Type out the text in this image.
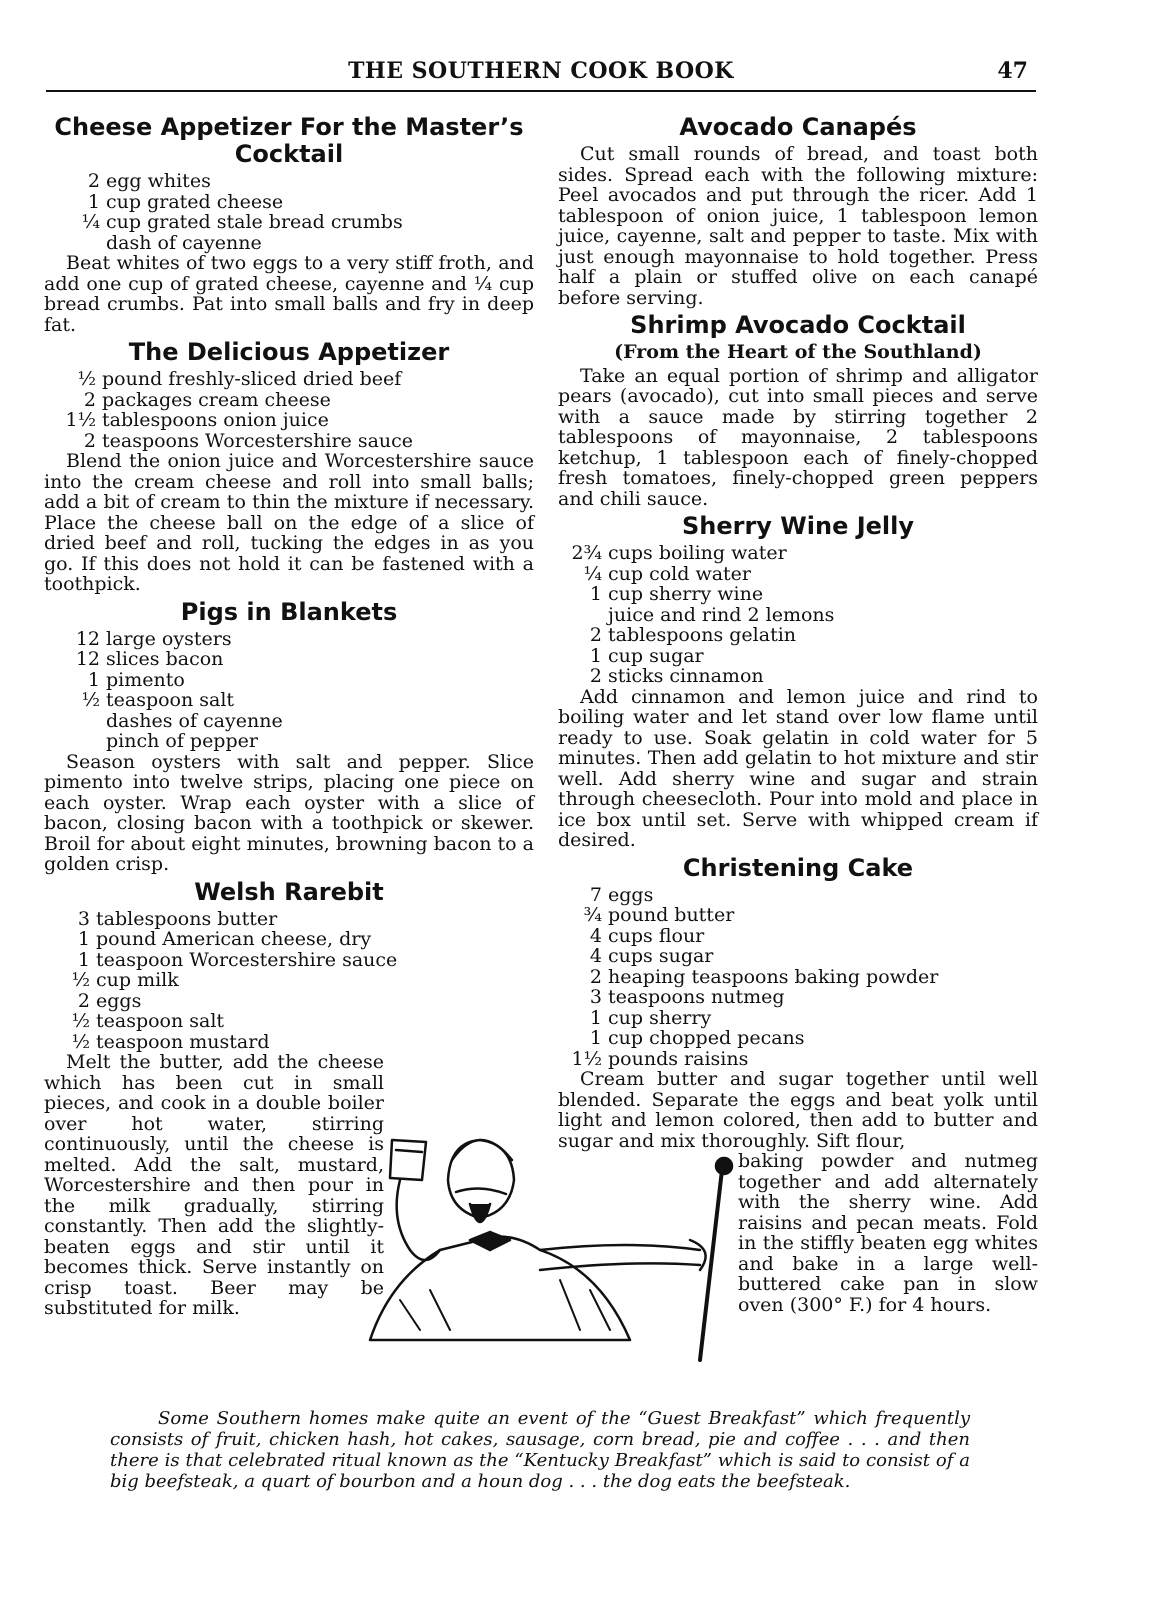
THE SOUTHERN COOK BOOK	47
Cheese Appetizer For the Master’s Cocktail
2 egg whites
1 cup grated cheese
¼ cup grated stale bread crumbs
dash of cayenne

Beat whites of two eggs to a very stiff froth, and add one cup of grated cheese, cayenne and ¼ cup bread crumbs. Pat into small balls and fry in deep fat.

The Delicious Appetizer
½ pound freshly-sliced dried beef
2 packages cream cheese
1½ tablespoons onion juice
2 teaspoons Worcestershire sauce

Blend the onion juice and Worcestershire sauce into the cream cheese and roll into small balls; add a bit of cream to thin the mixture if necessary. Place the cheese ball on the edge of a slice of dried beef and roll, tucking the edges in as you go. If this does not hold it can be fastened with a toothpick.

Pigs in Blankets
12 large oysters
12 slices bacon
1 pimento
½ teaspoon salt
dashes of cayenne
pinch of pepper

Season oysters with salt and pepper. Slice pimento into twelve strips, placing one piece on each oyster. Wrap each oyster with a slice of bacon, closing bacon with a toothpick or skewer. Broil for about eight minutes, browning bacon to a golden crisp.

Welsh Rarebit
3 tablespoons butter
1 pound American cheese, dry
1 teaspoon Worcestershire sauce
½ cup milk
2 eggs
½ teaspoon salt
½ teaspoon mustard

Melt the butter, add the cheese which has been cut in small pieces, and cook in a double boiler over hot water, stirring continuously, until the cheese is melted. Add the salt, mustard, Worcestershire and then pour in the milk gradually, stirring constantly. Then add the slightly-beaten eggs and stir until it becomes thick. Serve instantly on crisp toast. Beer may be substituted for milk.

Avocado Canapés

Cut small rounds of bread, and toast both sides. Spread each with the following mixture: Peel avocados and put through the ricer. Add 1 tablespoon of onion juice, 1 tablespoon lemon juice, cayenne, salt and pepper to taste. Mix with just enough mayonnaise to hold together. Press half a plain or stuffed olive on each canapé before serving.

Shrimp Avocado Cocktail
(From the Heart of the Southland)

Take an equal portion of shrimp and alligator pears (avocado), cut into small pieces and serve with a sauce made by stirring together 2 tablespoons of mayonnaise, 2 tablespoons ketchup, 1 tablespoon each of finely-chopped fresh tomatoes, finely-chopped green peppers and chili sauce.

Sherry Wine Jelly
2¾ cups boiling water
¼ cup cold water
1 cup sherry wine
juice and rind 2 lemons
2 tablespoons gelatin
1 cup sugar
2 sticks cinnamon

Add cinnamon and lemon juice and rind to boiling water and let stand over low flame until ready to use. Soak gelatin in cold water for 5 minutes. Then add gelatin to hot mixture and stir well. Add sherry wine and sugar and strain through cheesecloth. Pour into mold and place in ice box until set. Serve with whipped cream if desired.

Christening Cake
7 eggs
¾ pound butter
4 cups flour
4 cups sugar
2 heaping teaspoons baking powder
3 teaspoons nutmeg
1 cup sherry
1 cup chopped pecans
1½ pounds raisins

Cream butter and sugar together until well blended. Separate the eggs and beat yolk until light and lemon colored, then add to butter and sugar and mix thoroughly. Sift flour,

baking powder and nutmeg together and add alternately with the sherry wine. Add raisins and pecan meats. Fold in the stiffly beaten egg whites and bake in a large well-buttered cake pan in slow oven (300° F.) for 4 hours.

Some Southern homes make quite an event of the “Guest Breakfast” which frequently consists of fruit, chicken hash, hot cakes, sausage, corn bread, pie and coffee . . . and then there is that celebrated ritual known as the “Kentucky Breakfast” which is said to consist of a big beefsteak, a quart of bourbon and a houn dog . . . the dog eats the beefsteak.
